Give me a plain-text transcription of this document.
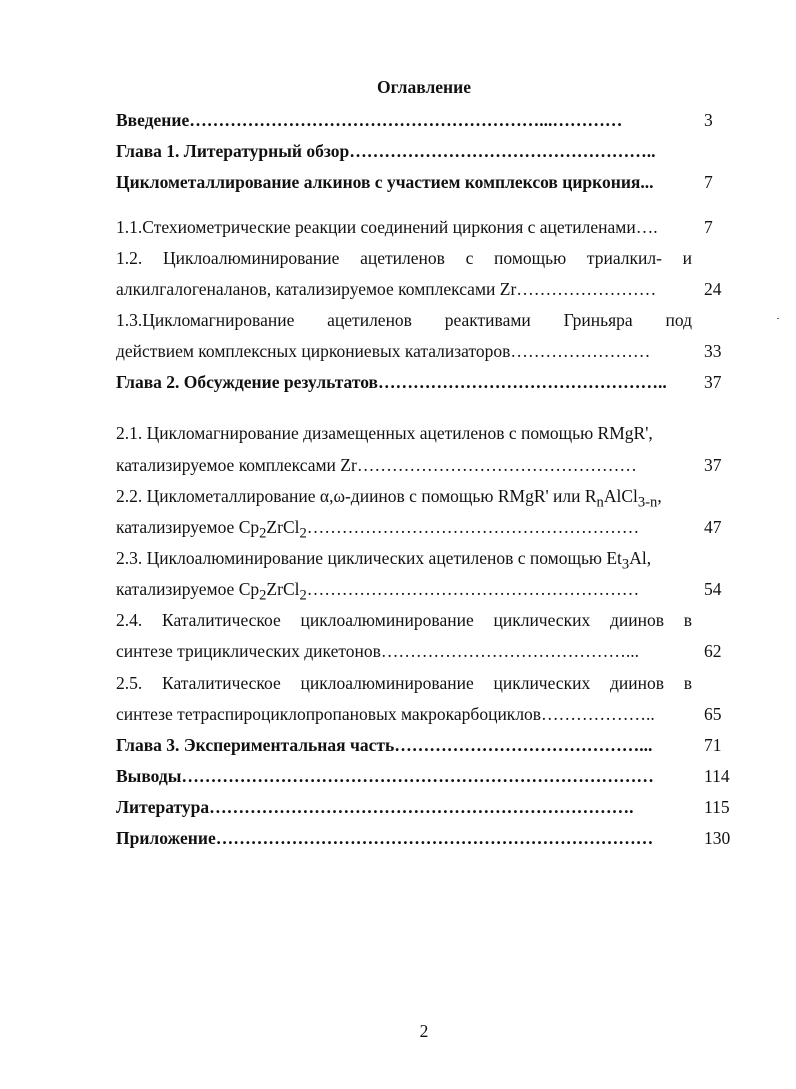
Оглавление
Введение……………………………………………………...…………	3
Глава 1. Литературный обзор……………………………………………..
Циклометаллирование алкинов с участием комплексов циркония...	7
1.1.Стехиометрические реакции соединений циркония с ацетиленами….	7
1.2. Циклоалюминирование ацетиленов с помощью триалкил- и
алкилгалогеналанов, катализируемое комплексами Zr……………………	24
1.3.Цикломагнирование ацетиленов реактивами Гриньяра под
действием комплексных циркониевых катализаторов……………………	33
Глава 2. Обсуждение результатов…………………………………………..	37
2.1. Цикломагнирование дизамещенных ацетиленов с помощью RMgR',
катализируемое комплексами Zr…………………………………………	37
2.2. Циклометаллирование α,ω-диинов с помощью RMgR' или $R_nAlCl_{3-n}$,
катализируемое $Cp_2ZrCl_2\dots\dots\dots\dots\dots\dots\dots\dots\dots\dots\dots\dots\dots\dots\dots\dots\dots\dots\dots$	47
2.3. Циклоалюминирование циклических ацетиленов с помощью $Et_3Al$,
катализируемое $Cp_2ZrCl_2\dots\dots\dots\dots\dots\dots\dots\dots\dots\dots\dots\dots\dots\dots\dots\dots\dots\dots\dots$	54
2.4. Каталитическое циклоалюминирование циклических диинов в
синтезе трициклических дикетонов……………………………………...	62
2.5. Каталитическое циклоалюминирование циклических диинов в
синтезе тетраспироциклопропановых макрокарбоциклов………………..	65
Глава 3. Экспериментальная часть……………………………………...	71
Выводы………………………………………………………………………	114
Литература……………………………………………………………….	115
Приложение…………………………………………………………………	130
2
